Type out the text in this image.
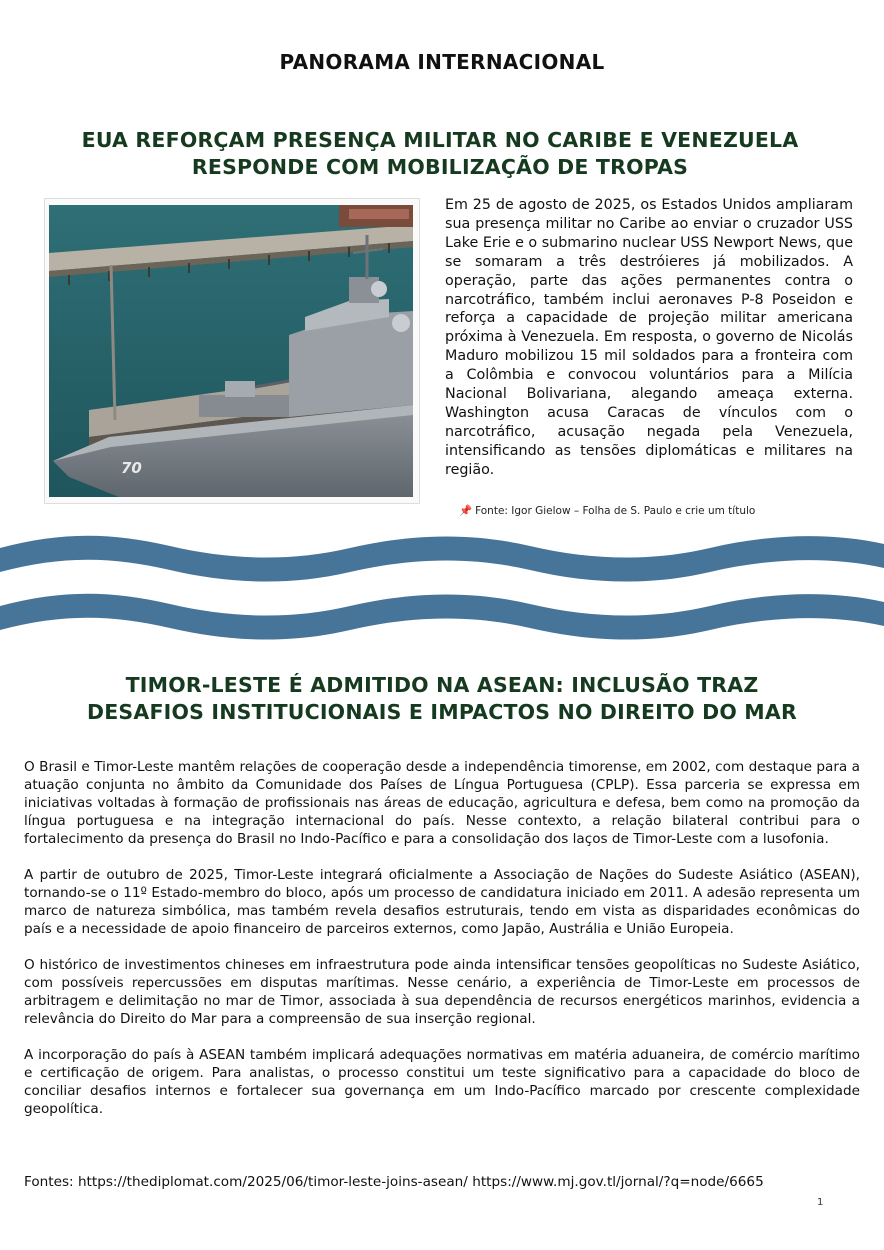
PANORAMA INTERNACIONAL
EUA REFORÇAM PRESENÇA MILITAR NO CARIBE E VENEZUELA
RESPONDE COM MOBILIZAÇÃO DE TROPAS
70
Em 25 de agosto de 2025, os Estados Unidos ampliaram sua presença militar no Caribe ao enviar o cruzador USS Lake Erie e o submarino nuclear USS Newport News, que se somaram a três destróieres já mobilizados. A operação, parte das ações permanentes contra o narcotráfico, também inclui aeronaves P-8 Poseidon e reforça a capacidade de projeção militar americana próxima à Venezuela. Em resposta, o governo de Nicolás Maduro mobilizou 15 mil soldados para a fronteira com a Colômbia e convocou voluntários para a Milícia Nacional Bolivariana, alegando ameaça externa. Washington acusa Caracas de vínculos com o narcotráfico, acusação negada pela Venezuela, intensificando as tensões diplomáticas e militares na região.
📌 Fonte: Igor Gielow – Folha de S. Paulo e crie um título
TIMOR-LESTE É ADMITIDO NA ASEAN: INCLUSÃO TRAZ
DESAFIOS INSTITUCIONAIS E IMPACTOS NO DIREITO DO MAR

O Brasil e Timor-Leste mantêm relações de cooperação desde a independência timorense, em 2002, com destaque para a atuação conjunta no âmbito da Comunidade dos Países de Língua Portuguesa (CPLP). Essa parceria se expressa em iniciativas voltadas à formação de profissionais nas áreas de educação, agricultura e defesa, bem como na promoção da língua portuguesa e na integração internacional do país. Nesse contexto, a relação bilateral contribui para o fortalecimento da presença do Brasil no Indo-Pacífico e para a consolidação dos laços de Timor-Leste com a lusofonia.

A partir de outubro de 2025, Timor-Leste integrará oficialmente a Associação de Nações do Sudeste Asiático (ASEAN), tornando-se o 11º Estado-membro do bloco, após um processo de candidatura iniciado em 2011. A adesão representa um marco de natureza simbólica, mas também revela desafios estruturais, tendo em vista as disparidades econômicas do país e a necessidade de apoio financeiro de parceiros externos, como Japão, Austrália e União Europeia.

O histórico de investimentos chineses em infraestrutura pode ainda intensificar tensões geopolíticas no Sudeste Asiático, com possíveis repercussões em disputas marítimas. Nesse cenário, a experiência de Timor-Leste em processos de arbitragem e delimitação no mar de Timor, associada à sua dependência de recursos energéticos marinhos, evidencia a relevância do Direito do Mar para a compreensão de sua inserção regional.

A incorporação do país à ASEAN também implicará adequações normativas em matéria aduaneira, de comércio marítimo e certificação de origem. Para analistas, o processo constitui um teste significativo para a capacidade do bloco de conciliar desafios internos e fortalecer sua governança em um Indo-Pacífico marcado por crescente complexidade geopolítica.

Fontes: https://thediplomat.com/2025/06/timor-leste-joins-asean/ https://www.mj.gov.tl/jornal/?q=node/6665
1
